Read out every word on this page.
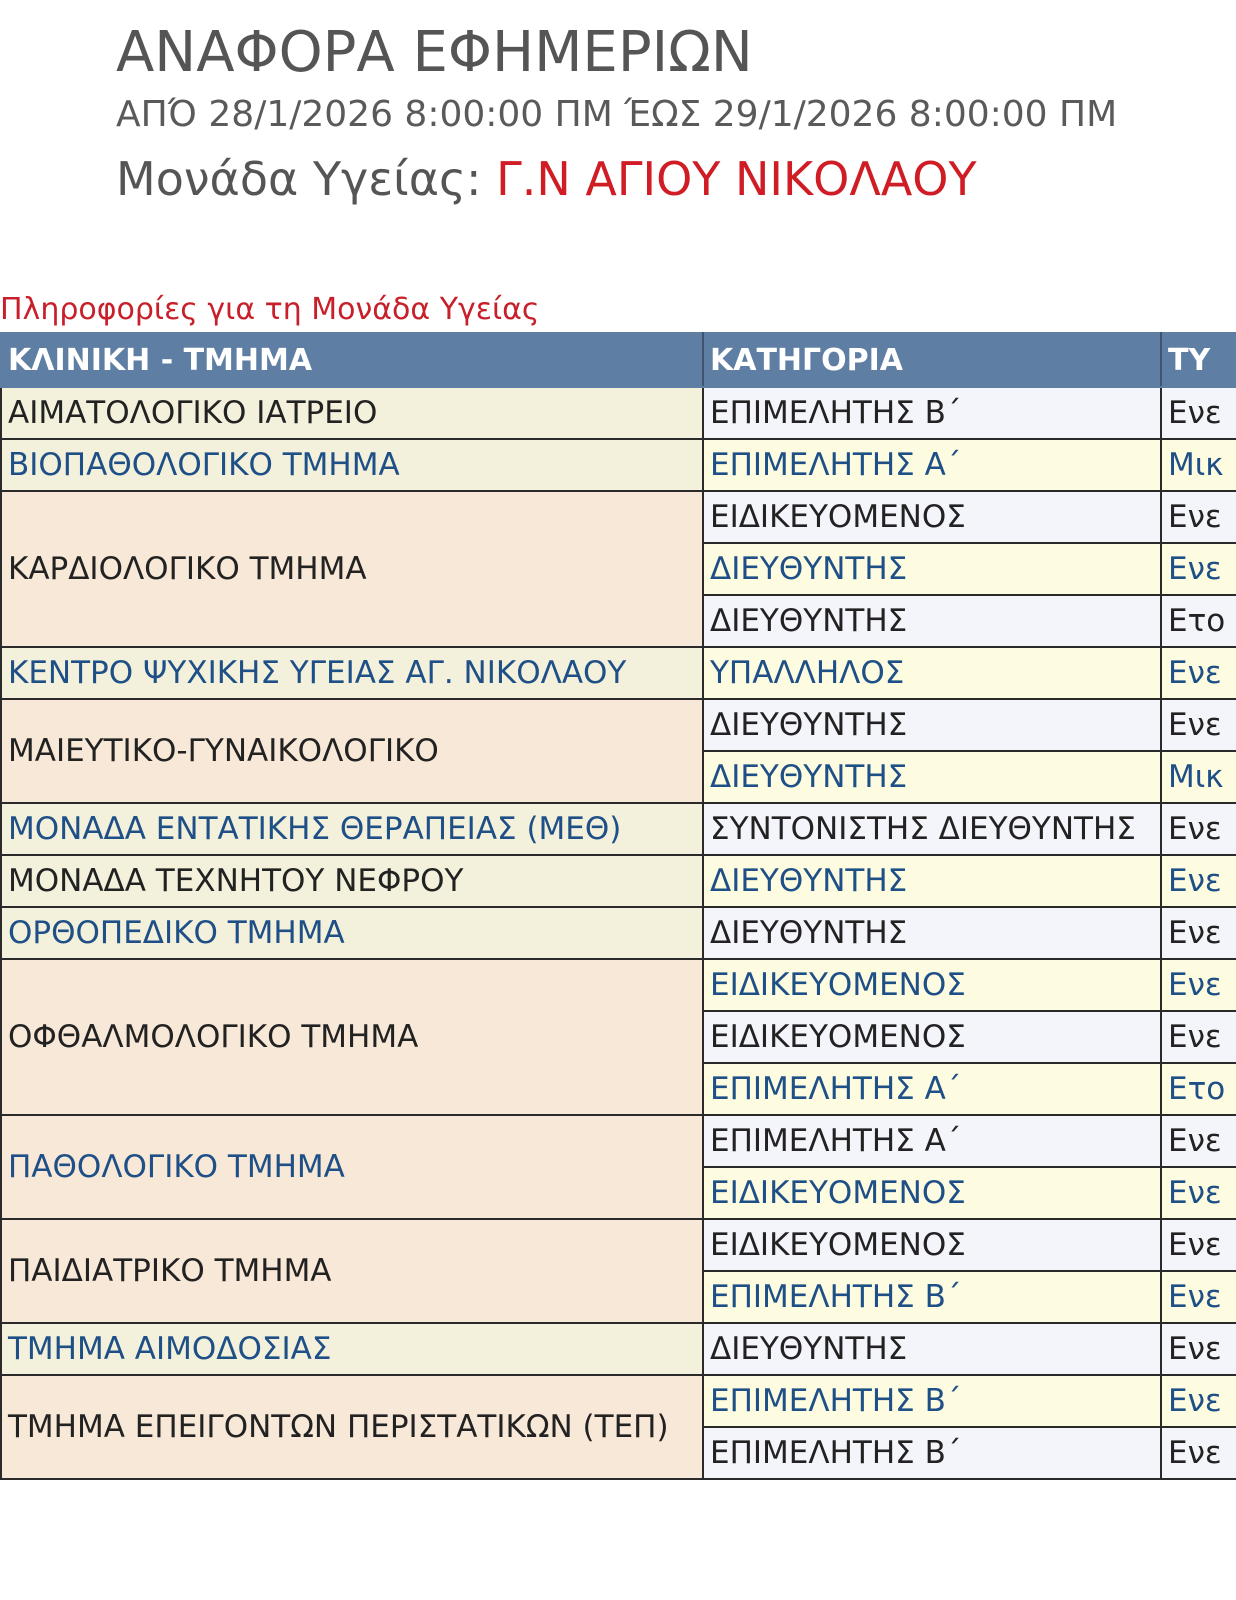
ΑΝΑΦΟΡΑ ΕΦΗΜΕΡΙΩΝ
ΑΠΌ 28/1/2026 8:00:00 ΠΜ ΈΩΣ 29/1/2026 8:00:00 ΠΜ
Μονάδα Υγείας: Γ.Ν ΑΓΙΟΥ ΝΙΚΟΛΑΟΥ
Πληροφορίες για τη Μονάδα Υγείας
ΚΛΙΝΙΚΗ - ΤΜΗΜΑ	ΚΑΤΗΓΟΡΙΑ	ΤΥ
ΑΙΜΑΤΟΛΟΓΙΚΟ ΙΑΤΡΕΙΟ	ΕΠΙΜΕΛΗΤΗΣ Β΄	Ενε
ΒΙΟΠΑΘΟΛΟΓΙΚΟ ΤΜΗΜΑ	ΕΠΙΜΕΛΗΤΗΣ Α΄	Μικ
ΚΑΡΔΙΟΛΟΓΙΚΟ ΤΜΗΜΑ	ΕΙΔΙΚΕΥΟΜΕΝΟΣ	Ενε
	ΔΙΕΥΘΥΝΤΗΣ	Ενε
	ΔΙΕΥΘΥΝΤΗΣ	Ετο
ΚΕΝΤΡΟ ΨΥΧΙΚΗΣ ΥΓΕΙΑΣ ΑΓ. ΝΙΚΟΛΑΟΥ	ΥΠΑΛΛΗΛΟΣ	Ενε
ΜΑΙΕΥΤΙΚΟ-ΓΥΝΑΙΚΟΛΟΓΙΚΟ	ΔΙΕΥΘΥΝΤΗΣ	Ενε
	ΔΙΕΥΘΥΝΤΗΣ	Μικ
ΜΟΝΑΔΑ ΕΝΤΑΤΙΚΗΣ ΘΕΡΑΠΕΙΑΣ (ΜΕΘ)	ΣΥΝΤΟΝΙΣΤΗΣ ΔΙΕΥΘΥΝΤΗΣ	Ενε
ΜΟΝΑΔΑ ΤΕΧΝΗΤΟΥ ΝΕΦΡΟΥ	ΔΙΕΥΘΥΝΤΗΣ	Ενε
ΟΡΘΟΠΕΔΙΚΟ ΤΜΗΜΑ	ΔΙΕΥΘΥΝΤΗΣ	Ενε
ΟΦΘΑΛΜΟΛΟΓΙΚΟ ΤΜΗΜΑ	ΕΙΔΙΚΕΥΟΜΕΝΟΣ	Ενε
	ΕΙΔΙΚΕΥΟΜΕΝΟΣ	Ενε
	ΕΠΙΜΕΛΗΤΗΣ Α΄	Ετο
ΠΑΘΟΛΟΓΙΚΟ ΤΜΗΜΑ	ΕΠΙΜΕΛΗΤΗΣ Α΄	Ενε
	ΕΙΔΙΚΕΥΟΜΕΝΟΣ	Ενε
ΠΑΙΔΙΑΤΡΙΚΟ ΤΜΗΜΑ	ΕΙΔΙΚΕΥΟΜΕΝΟΣ	Ενε
	ΕΠΙΜΕΛΗΤΗΣ Β΄	Ενε
ΤΜΗΜΑ ΑΙΜΟΔΟΣΙΑΣ	ΔΙΕΥΘΥΝΤΗΣ	Ενε
ΤΜΗΜΑ ΕΠΕΙΓΟΝΤΩΝ ΠΕΡΙΣΤΑΤΙΚΩΝ (ΤΕΠ)	ΕΠΙΜΕΛΗΤΗΣ Β΄	Ενε
	ΕΠΙΜΕΛΗΤΗΣ Β΄	Ενε
